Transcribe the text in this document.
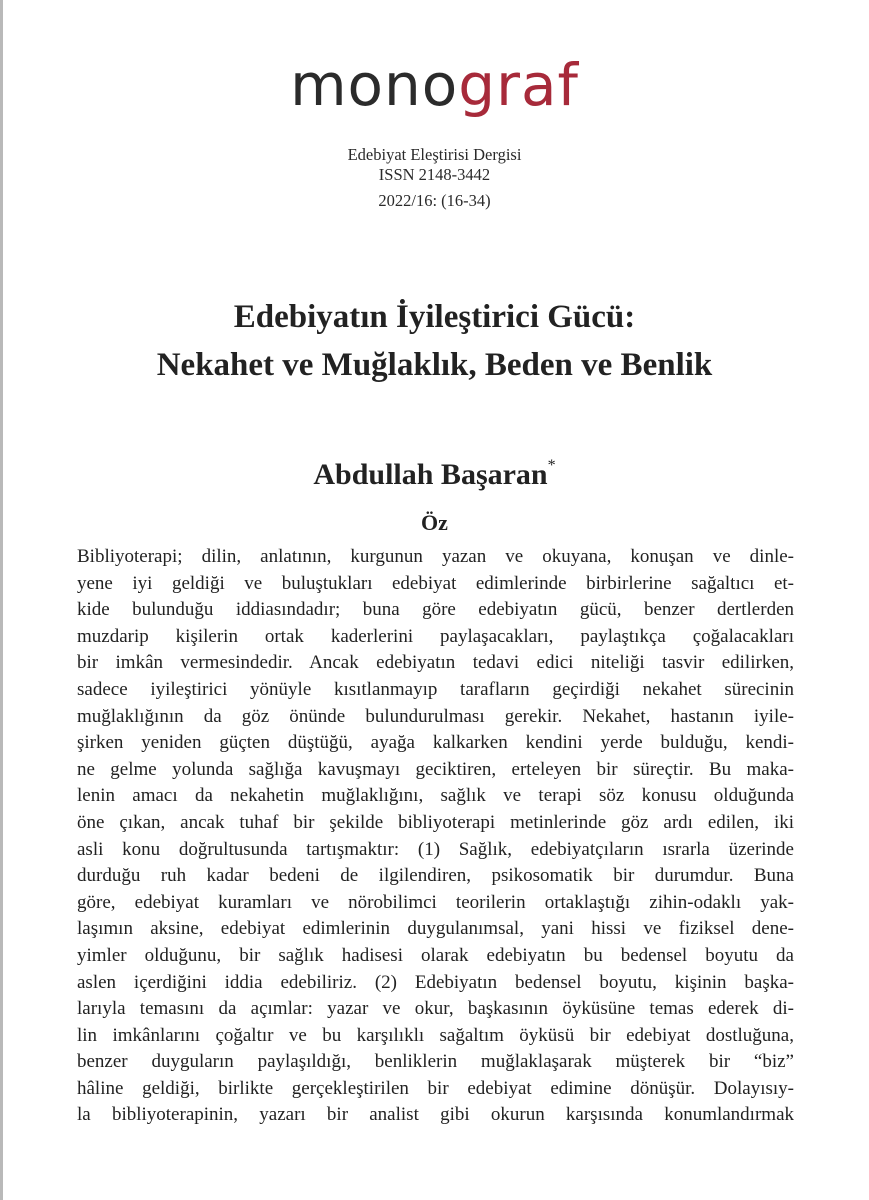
monograf
Edebiyat Eleştirisi Dergisi
ISSN 2148-3442
2022/16: (16-34)
Edebiyatın İyileştirici Gücü:
Nekahet ve Muğlaklık, Beden ve Benlik
Abdullah Başaran*
Öz
Bibliyoterapi; dilin, anlatının, kurgunun yazan ve okuyana, konuşan ve dinle-
yene iyi geldiği ve buluştukları edebiyat edimlerinde birbirlerine sağaltıcı et-
kide bulunduğu iddiasındadır; buna göre edebiyatın gücü, benzer dertlerden
muzdarip kişilerin ortak kaderlerini paylaşacakları, paylaştıkça çoğalacakları
bir imkân vermesindedir. Ancak edebiyatın tedavi edici niteliği tasvir edilirken,
sadece iyileştirici yönüyle kısıtlanmayıp tarafların geçirdiği nekahet sürecinin
muğlaklığının da göz önünde bulundurulması gerekir. Nekahet, hastanın iyile-
şirken yeniden güçten düştüğü, ayağa kalkarken kendini yerde bulduğu, kendi-
ne gelme yolunda sağlığa kavuşmayı geciktiren, erteleyen bir süreçtir. Bu maka-
lenin amacı da nekahetin muğlaklığını, sağlık ve terapi söz konusu olduğunda
öne çıkan, ancak tuhaf bir şekilde bibliyoterapi metinlerinde göz ardı edilen, iki
asli konu doğrultusunda tartışmaktır: (1) Sağlık, edebiyatçıların ısrarla üzerinde
durduğu ruh kadar bedeni de ilgilendiren, psikosomatik bir durumdur. Buna
göre, edebiyat kuramları ve nörobilimci teorilerin ortaklaştığı zihin-odaklı yak-
laşımın aksine, edebiyat edimlerinin duygulanımsal, yani hissi ve fiziksel dene-
yimler olduğunu, bir sağlık hadisesi olarak edebiyatın bu bedensel boyutu da
aslen içerdiğini iddia edebiliriz. (2) Edebiyatın bedensel boyutu, kişinin başka-
larıyla temasını da açımlar: yazar ve okur, başkasının öyküsüne temas ederek di-
lin imkânlarını çoğaltır ve bu karşılıklı sağaltım öyküsü bir edebiyat dostluğuna,
benzer duyguların paylaşıldığı, benliklerin muğlaklaşarak müşterek bir “biz”
hâline geldiği, birlikte gerçekleştirilen bir edebiyat edimine dönüşür. Dolayısıy-
la bibliyoterapinin, yazarı bir analist gibi okurun karşısında konumlandırmak
